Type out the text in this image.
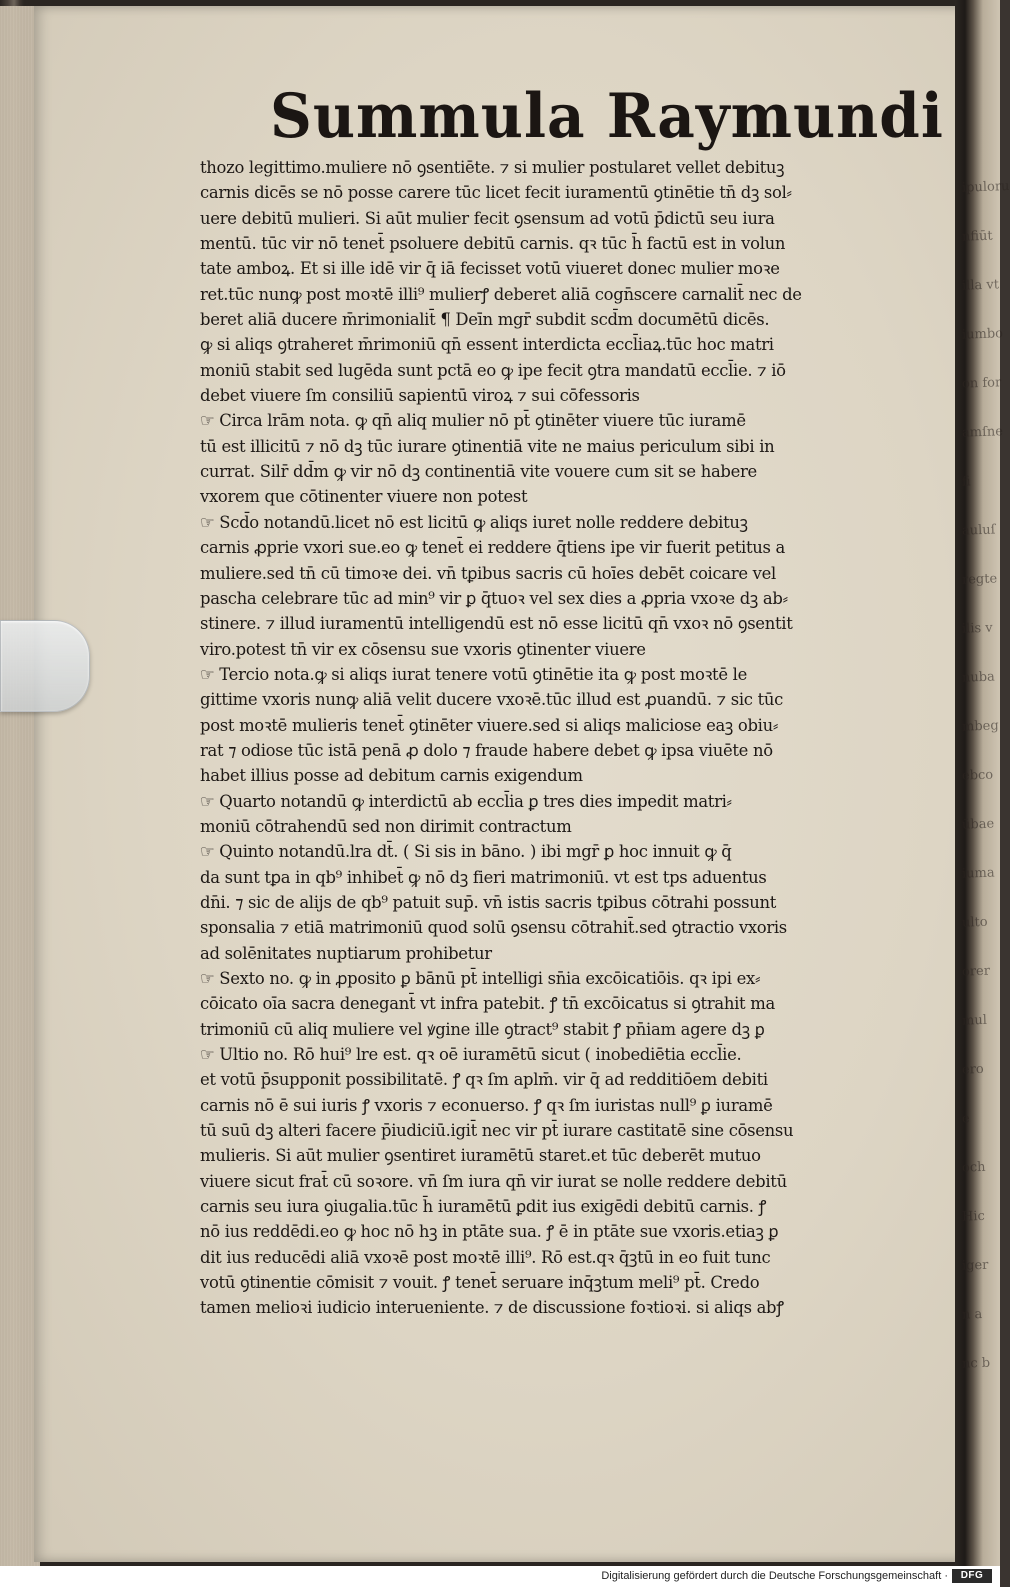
ipuloru
nfiūt
illa vt
iumbo
on for
amſne
fi
auluſ
regte
ilis v
nuba
mbeg
ebco
ūbae
iuma
ulto
orer
mul
ero
e
och
Hic
iger
n a
nc b
Summula Raymundi
thozo legittimo.muliere nō ꝯsentiēte. ⁊ si mulier postularet vellet debituꝫ
carnis dicēs se nō posse carere tūc licet fecit iuramentū ꝯtinētie tn̄ dꝫ sol⸗
uere debitū mulieri. Si aūt mulier fecit ꝯsensum ad votū p̄dictū seu iura
mentū. tūc vir nō tenet̄ psoluere debitū carnis. qꝛ tūc h̄ factū est in volun
tate amboꝝ. Et si ille idē vir q̄ iā fecisset votū viueret donec mulier moꝛe
ret.tūc nunꝙ post moꝛtē illi⁹ mulierꝭ deberet aliā cogn̄scere carnalit̄ nec de
beret aliā ducere m̄rimonialit̄ ¶ Deīn mgr̄ subdit scd̄m documētū dicēs.
ꝙ si aliqs ꝯtraheret m̄rimoniū qn̄ essent interdicta eccl̄iaꝝ.tūc hoc matri
moniū stabit sed lugēda sunt pctā eo ꝙ ipe fecit ꝯtra mandatū eccl̄ie. ⁊ iō
debet viuere ſm consiliū sapientū viroꝝ ⁊ sui cōfessoris
☞ Circa lrām nota. ꝙ qn̄ aliq mulier nō pt̄ ꝯtinēter viuere tūc iuramē
tū est illicitū ⁊ nō dꝫ tūc iurare ꝯtinentiā vite ne maius periculum sibi in
currat. Silr̄ dd̄m ꝙ vir nō dꝫ continentiā vite vouere cum sit se habere
vxorem que cōtinenter viuere non potest
☞ Scd̄o notandū.licet nō est licitū ꝙ aliqs iuret nolle reddere debituꝫ
carnis ꝓprie vxori sue.eo ꝙ tenet̄ ei reddere q̄tiens ipe vir fuerit petitus a
muliere.sed tn̄ cū timoꝛe dei. vn̄ tꝑibus sacris cū hoīes debēt coicare vel
pascha celebrare tūc ad min⁹ vir ꝑ q̄tuoꝛ vel sex dies a ꝓpria vxoꝛe dꝫ ab⸗
stinere. ⁊ illud iuramentū intelligendū est nō esse licitū qn̄ vxoꝛ nō ꝯsentit
viro.potest tn̄ vir ex cōsensu sue vxoris ꝯtinenter viuere
☞ Tercio nota.ꝙ si aliqs iurat tenere votū ꝯtinētie ita ꝙ post moꝛtē le
gittime vxoris nunꝙ aliā velit ducere vxoꝛē.tūc illud est ꝓuandū. ⁊ sic tūc
post moꝛtē mulieris tenet̄ ꝯtinēter viuere.sed si aliqs maliciose eaꝫ obiu⸗
rat ⁊ odiose tūc istā penā ꝓ dolo ⁊ fraude habere debet ꝙ ipsa viuēte nō
habet illius posse ad debitum carnis exigendum
☞ Quarto notandū ꝙ interdictū ab eccl̄ia ꝑ tres dies impedit matri⸗
moniū cōtrahendū sed non dirimit contractum
☞ Quinto notandū.lra dt̄. ( Si sis in bāno. ) ibi mgr̄ ꝑ hoc innuit ꝙ q̄
da sunt tꝑa in qb⁹ inhibet̄ ꝙ nō dꝫ fieri matrimoniū. vt est tps aduentus
dn̄i. ⁊ sic de alijs de qb⁹ patuit sup̄. vn̄ istis sacris tꝑibus cōtrahi possunt
sponsalia ⁊ etiā matrimoniū quod solū ꝯsensu cōtrahit̄.sed ꝯtractio vxoris
ad solēnitates nuptiarum prohibetur
☞ Sexto no. ꝙ in ꝓposito ꝑ bānū pt̄ intelligi sn̄ia excōicatiōis. qꝛ ipi ex⸗
cōicato oīa sacra denegant̄ vt infra patebit. ꝭ tn̄ excōicatus si ꝯtrahit ma
trimoniū cū aliq muliere vel ꝟgine ille ꝯtract⁹ stabit ꝭ pn̄iam agere dꝫ ꝑ
☞ Ultio no. Rō hui⁹ lre est. qꝛ oē iuramētū sicut ( inobediētia eccl̄ie.
et votū p̄supponit possibilitatē. ꝭ qꝛ ſm aplm̄. vir q̄ ad redditiōem debiti
carnis nō ē sui iuris ꝭ vxoris ⁊ econuerso. ꝭ qꝛ ſm iuristas null⁹ ꝑ iuramē
tū suū dꝫ alteri facere p̄iudiciū.igit̄ nec vir pt̄ iurare castitatē sine cōsensu
mulieris. Si aūt mulier ꝯsentiret iuramētū staret.et tūc deberēt mutuo
viuere sicut frat̄ cū soꝛore. vn̄ ſm iura qn̄ vir iurat se nolle reddere debitū
carnis seu iura ꝯiugalia.tūc h̄ iuramētū ꝑdit ius exigēdi debitū carnis. ꝭ
nō ius reddēdi.eo ꝙ hoc nō hꝫ in ptāte sua. ꝭ ē in ptāte sue vxoris.etiaꝫ ꝑ
dit ius reducēdi aliā vxoꝛē post moꝛtē illi⁹. Rō est.qꝛ q̄ꝫtū in eo fuit tunc
votū ꝯtinentie cōmisit ⁊ vouit. ꝭ tenet̄ seruare inq̄ꝫtum meli⁹ pt̄. Credo
tamen melioꝛi iudicio interueniente. ⁊ de discussione foꝛtioꝛi. si aliqs abꝭ
Digitalisierung gefördert durch die Deutsche Forschungsgemeinschaft ·	DFG
